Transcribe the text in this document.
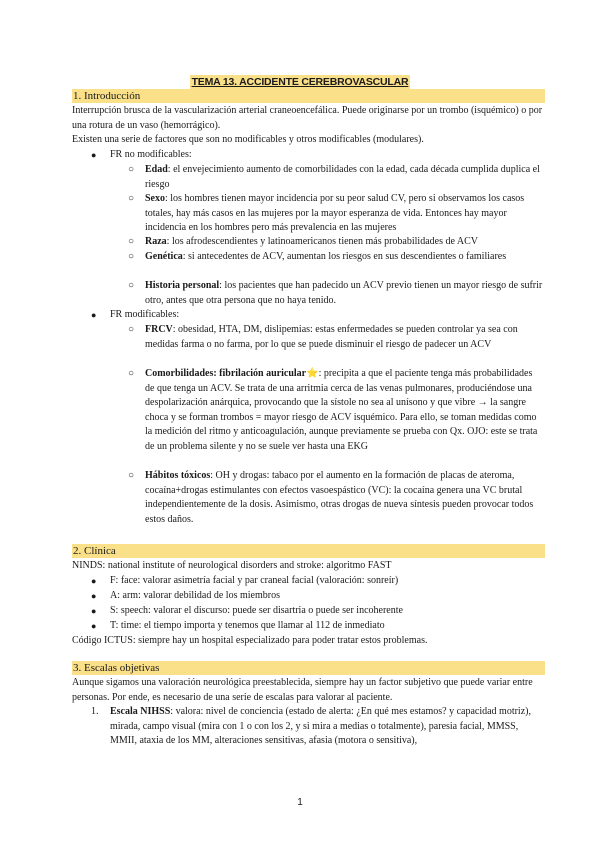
TEMA 13. ACCIDENTE CEREBROVASCULAR
1. Introducción
Interrupción brusca de la vascularización arterial craneoencefálica. Puede originarse por un trombo (isquémico) o por una rotura de un vaso (hemorrágico).
Existen una serie de factores que son no modificables y otros modificables (modulares).
● FR no modificables:
○ Edad: el envejecimiento aumento de comorbilidades con la edad, cada década cumplida duplica el riesgo
○ Sexo: los hombres tienen mayor incidencia por su peor salud CV, pero si observamos los casos totales, hay más casos en las mujeres por la mayor esperanza de vida. Entonces hay mayor incidencia en los hombres pero más prevalencia en las mujeres
○ Raza: los afrodescendientes y latinoamericanos tienen más probabilidades de ACV
○ Genética: si antecedentes de ACV, aumentan los riesgos en sus descendientes o familiares
○ Historia personal: los pacientes que han padecido un ACV previo tienen un mayor riesgo de sufrir otro, antes que otra persona que no haya tenido.
● FR modificables:
○ FRCV: obesidad, HTA, DM, dislipemias: estas enfermedades se pueden controlar ya sea con medidas farma o no farma, por lo que se puede disminuir el riesgo de padecer un ACV
○ Comorbilidades: fibrilación auricular⭐: precipita a que el paciente tenga más probabilidades de que tenga un ACV. Se trata de una arritmia cerca de las venas pulmonares, produciéndose una despolarización anárquica, provocando que la sístole no sea al unísono y que vibre → la sangre choca y se forman trombos = mayor riesgo de ACV isquémico. Para ello, se toman medidas como la medición del ritmo y anticoagulación, aunque previamente se prueba con Qx. OJO: este se trata de un problema silente y no se suele ver hasta una EKG
○ Hábitos tóxicos: OH y drogas: tabaco por el aumento en la formación de placas de ateroma, cocaína+drogas estimulantes con efectos vasoespástico (VC): la cocaína genera una VC brutal independientemente de la dosis. Asimismo, otras drogas de nueva síntesis pueden provocar todos estos daños.
2. Clínica
NINDS: national institute of neurological disorders and stroke: algoritmo FAST
● F: face: valorar asimetría facial y par craneal facial (valoración: sonreír)
● A: arm: valorar debilidad de los miembros
● S: speech: valorar el discurso: puede ser disartria o puede ser incoherente
● T: time: el tiempo importa y tenemos que llamar al 112 de inmediato
Código ICTUS: siempre hay un hospital especializado para poder tratar estos problemas.
3. Escalas objetivas
Aunque sigamos una valoración neurológica preestablecida, siempre hay un factor subjetivo que puede variar entre personas. Por ende, es necesario de una serie de escalas para valorar al paciente.
1. Escala NIHSS: valora: nivel de conciencia (estado de alerta: ¿En qué mes estamos? y capacidad motriz), mirada, campo visual (mira con 1 o con los 2, y si mira a medias o totalmente), paresia facial, MMSS, MMII, ataxia de los MM, alteraciones sensitivas, afasia (motora o sensitiva),
1
